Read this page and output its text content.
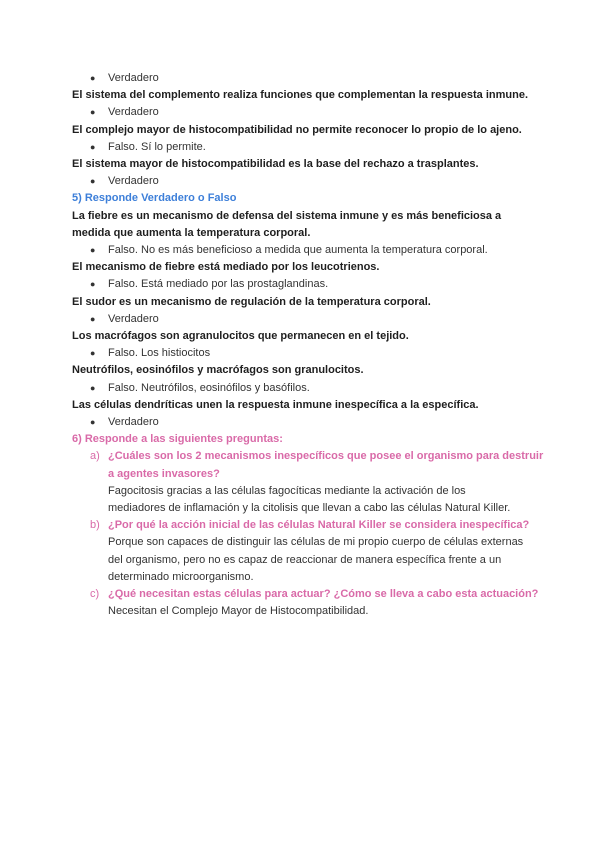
● Verdadero
El sistema del complemento realiza funciones que complementan la respuesta inmune.
● Verdadero
El complejo mayor de histocompatibilidad no permite reconocer lo propio de lo ajeno.
● Falso. Sí lo permite.
El sistema mayor de histocompatibilidad es la base del rechazo a trasplantes.
● Verdadero
5) Responde Verdadero o Falso
La fiebre es un mecanismo de defensa del sistema inmune y es más beneficiosa a
medida que aumenta la temperatura corporal.
● Falso. No es más beneficioso a medida que aumenta la temperatura corporal.
El mecanismo de fiebre está mediado por los leucotrienos.
● Falso. Está mediado por las prostaglandinas.
El sudor es un mecanismo de regulación de la temperatura corporal.
● Verdadero
Los macrófagos son agranulocitos que permanecen en el tejido.
● Falso. Los histiocitos
Neutrófilos, eosinófilos y macrófagos son granulocitos.
● Falso. Neutrófilos, eosinófilos y basófilos.
Las células dendríticas unen la respuesta inmune inespecífica a la específica.
● Verdadero
6) Responde a las siguientes preguntas:
a) ¿Cuáles son los 2 mecanismos inespecíficos que posee el organismo para destruir
a agentes invasores?
Fagocitosis gracias a las células fagocíticas mediante la activación de los
mediadores de inflamación y la citolisis que llevan a cabo las células Natural Killer.
b) ¿Por qué la acción inicial de las células Natural Killer se considera inespecífica?
Porque son capaces de distinguir las células de mi propio cuerpo de células externas
del organismo, pero no es capaz de reaccionar de manera específica frente a un
determinado microorganismo.
c) ¿Qué necesitan estas células para actuar? ¿Cómo se lleva a cabo esta actuación?
Necesitan el Complejo Mayor de Histocompatibilidad.
